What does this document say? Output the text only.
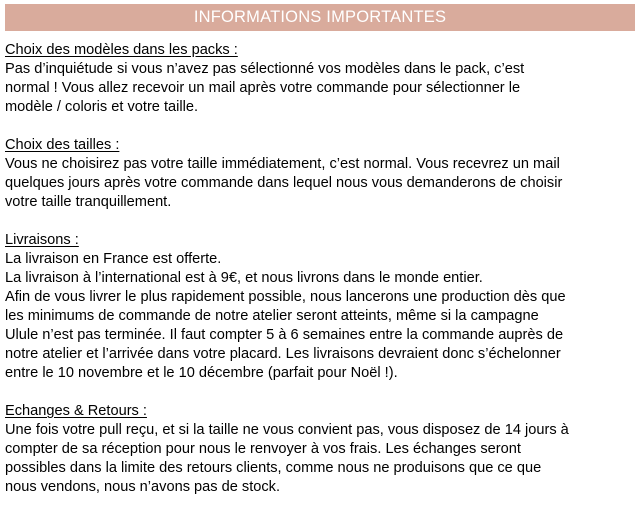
INFORMATIONS IMPORTANTES
Choix des modèles dans les packs :
Pas d’inquiétude si vous n’avez pas sélectionné vos modèles dans le pack, c’est
normal ! Vous allez recevoir un mail après votre commande pour sélectionner le
modèle / coloris et votre taille.
Choix des tailles :
Vous ne choisirez pas votre taille immédiatement, c’est normal. Vous recevrez un mail
quelques jours après votre commande dans lequel nous vous demanderons de choisir
votre taille tranquillement.
Livraisons :
La livraison en France est offerte.
La livraison à l’international est à 9€, et nous livrons dans le monde entier.
Afin de vous livrer le plus rapidement possible, nous lancerons une production dès que
les minimums de commande de notre atelier seront atteints, même si la campagne
Ulule n’est pas terminée. Il faut compter 5 à 6 semaines entre la commande auprès de
notre atelier et l’arrivée dans votre placard. Les livraisons devraient donc s’échelonner
entre le 10 novembre et le 10 décembre (parfait pour Noël !).
Echanges & Retours :
Une fois votre pull reçu, et si la taille ne vous convient pas, vous disposez de 14 jours à
compter de sa réception pour nous le renvoyer à vos frais. Les échanges seront
possibles dans la limite des retours clients, comme nous ne produisons que ce que
nous vendons, nous n’avons pas de stock.
